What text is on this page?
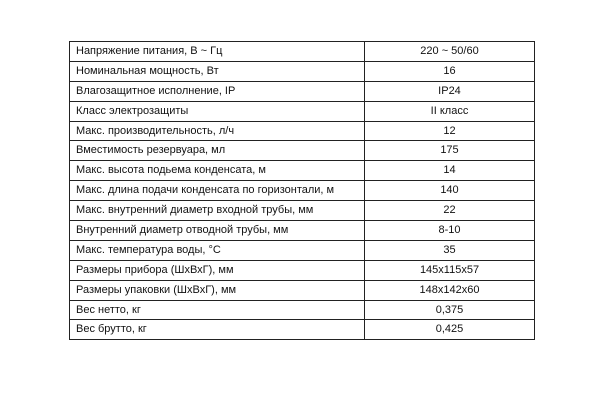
Напряжение питания, В ~ Гц	220 ~ 50/60
Номинальная мощность, Вт	16
Влагозащитное исполнение, IP	IP24
Класс электрозащиты	II класс
Макс. производительность, л/ч	12
Вместимость резервуара, мл	175
Макс. высота подьема конденсата, м	14
Макс. длина подачи конденсата по горизонтали, м	140
Макс. внутренний диаметр входной трубы, мм	22
Внутренний диаметр отводной трубы, мм	8-10
Макс. температура воды, °С	35
Размеры прибора (ШхВхГ), мм	145x115x57
Размеры упаковки (ШхВхГ), мм	148x142x60
Вес нетто, кг	0,375
Вес брутто, кг	0,425
